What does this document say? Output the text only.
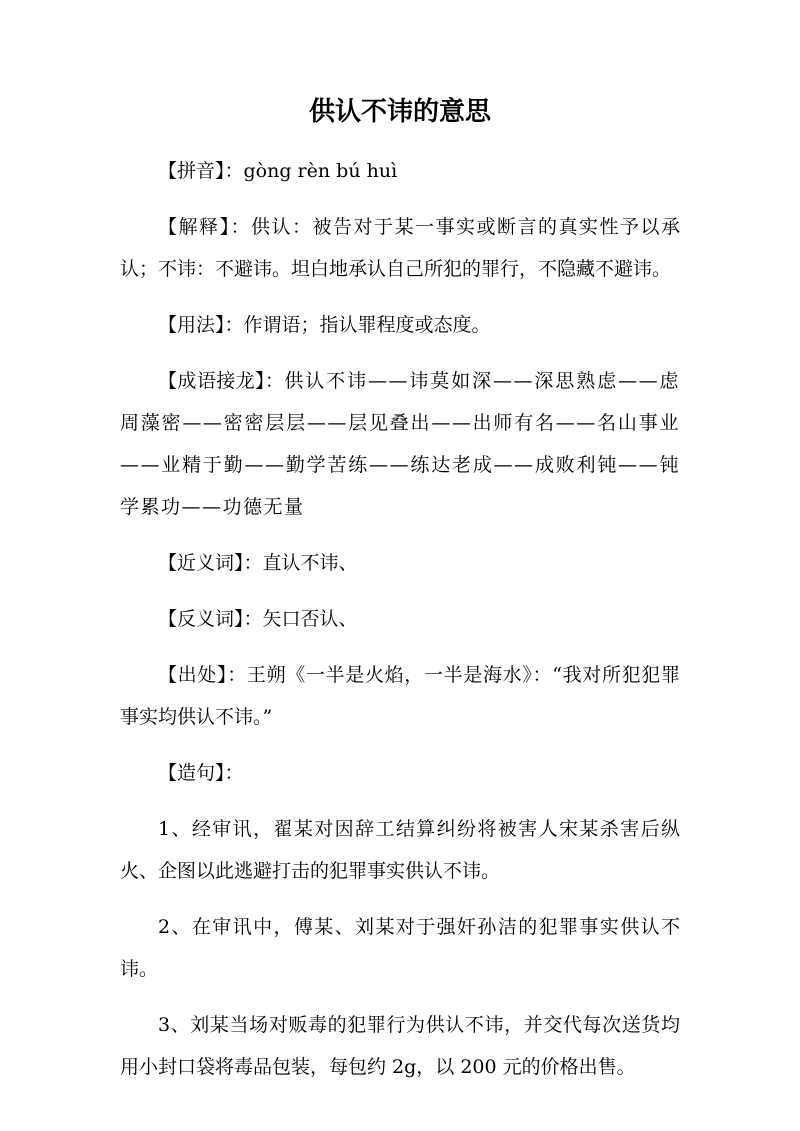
供认不讳的意思

【拼音】：gòng rèn bú huì

【解释】：供认：被告对于某一事实或断言的真实性予以承认；不讳：不避讳。坦白地承认自己所犯的罪行，不隐藏不避讳。

【用法】：作谓语；指认罪程度或态度。

【成语接龙】：供认不讳——讳莫如深——深思熟虑——虑周藻密——密密层层——层见叠出——出师有名——名山事业——业精于勤——勤学苦练——练达老成——成败利钝——钝学累功——功德无量

【近义词】：直认不讳、

【反义词】：矢口否认、

【出处】：王朔《一半是火焰，一半是海水》：“我对所犯犯罪事实均供认不讳。”

【造句】：

1、经审讯，翟某对因辞工结算纠纷将被害人宋某杀害后纵火、企图以此逃避打击的犯罪事实供认不讳。

2、在审讯中，傅某、刘某对于强奸孙洁的犯罪事实供认不讳。

3、刘某当场对贩毒的犯罪行为供认不讳，并交代每次送货均用小封口袋将毒品包装，每包约 2g，以 200 元的价格出售。
